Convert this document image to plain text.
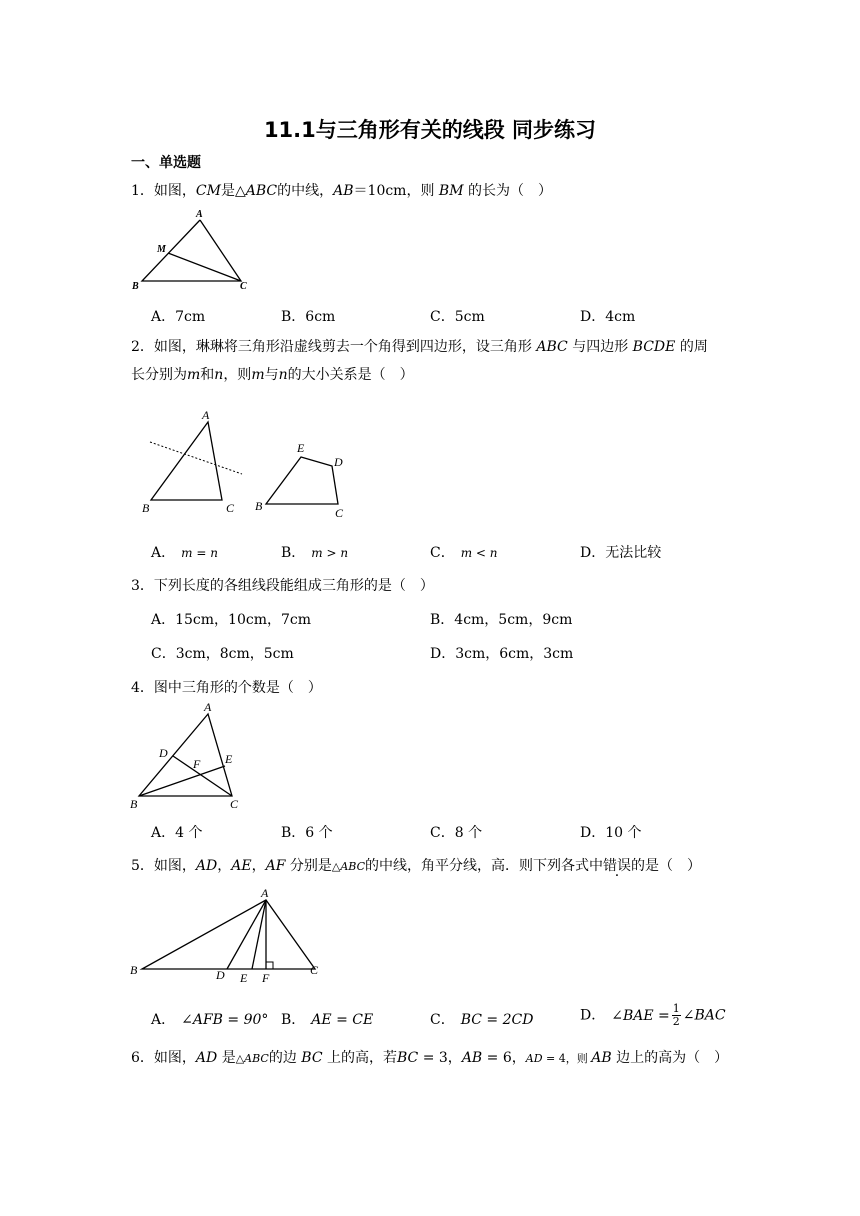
11.1与三角形有关的线段 同步练习
一、单选题
1．如图，CM是△ABC的中线，AB＝10cm，则 BM 的长为（　）
A
M
B	C
A．7cm	B．6cm	C．5cm	D．4cm
2．如图，琳琳将三角形沿虚线剪去一个角得到四边形，设三角形 ABC 与四边形 BCDE 的周
长分别为m和n，则m与n的大小关系是（　）
A
B	C
E
D
B	C
A． m = n	B． m > n	C． m < n	D．无法比较
3．下列长度的各组线段能组成三角形的是（　）
A．15cm，10cm，7cm	B．4cm，5cm，9cm
C．3cm，8cm，5cm	D．3cm，6cm，3cm
4．图中三角形的个数是（　）
A
D
F E
B	C
A．4 个	B．6 个	C．8 个	D．10 个
5．如图，AD，AE，AF 分别是△ABC的中线，角平分线，高．则下列各式中错误的是（　）
A
B	D E F
C
A． ∠AFB = 90° B． AE = CE	C． BC = 2CD	D． ∠BAE = $\frac{1}{2}$ ∠BAC
6．如图，AD 是△ABC的边 BC 上的高，若BC = 3，AB = 6，AD = 4，则 AB 边上的高为（　）
